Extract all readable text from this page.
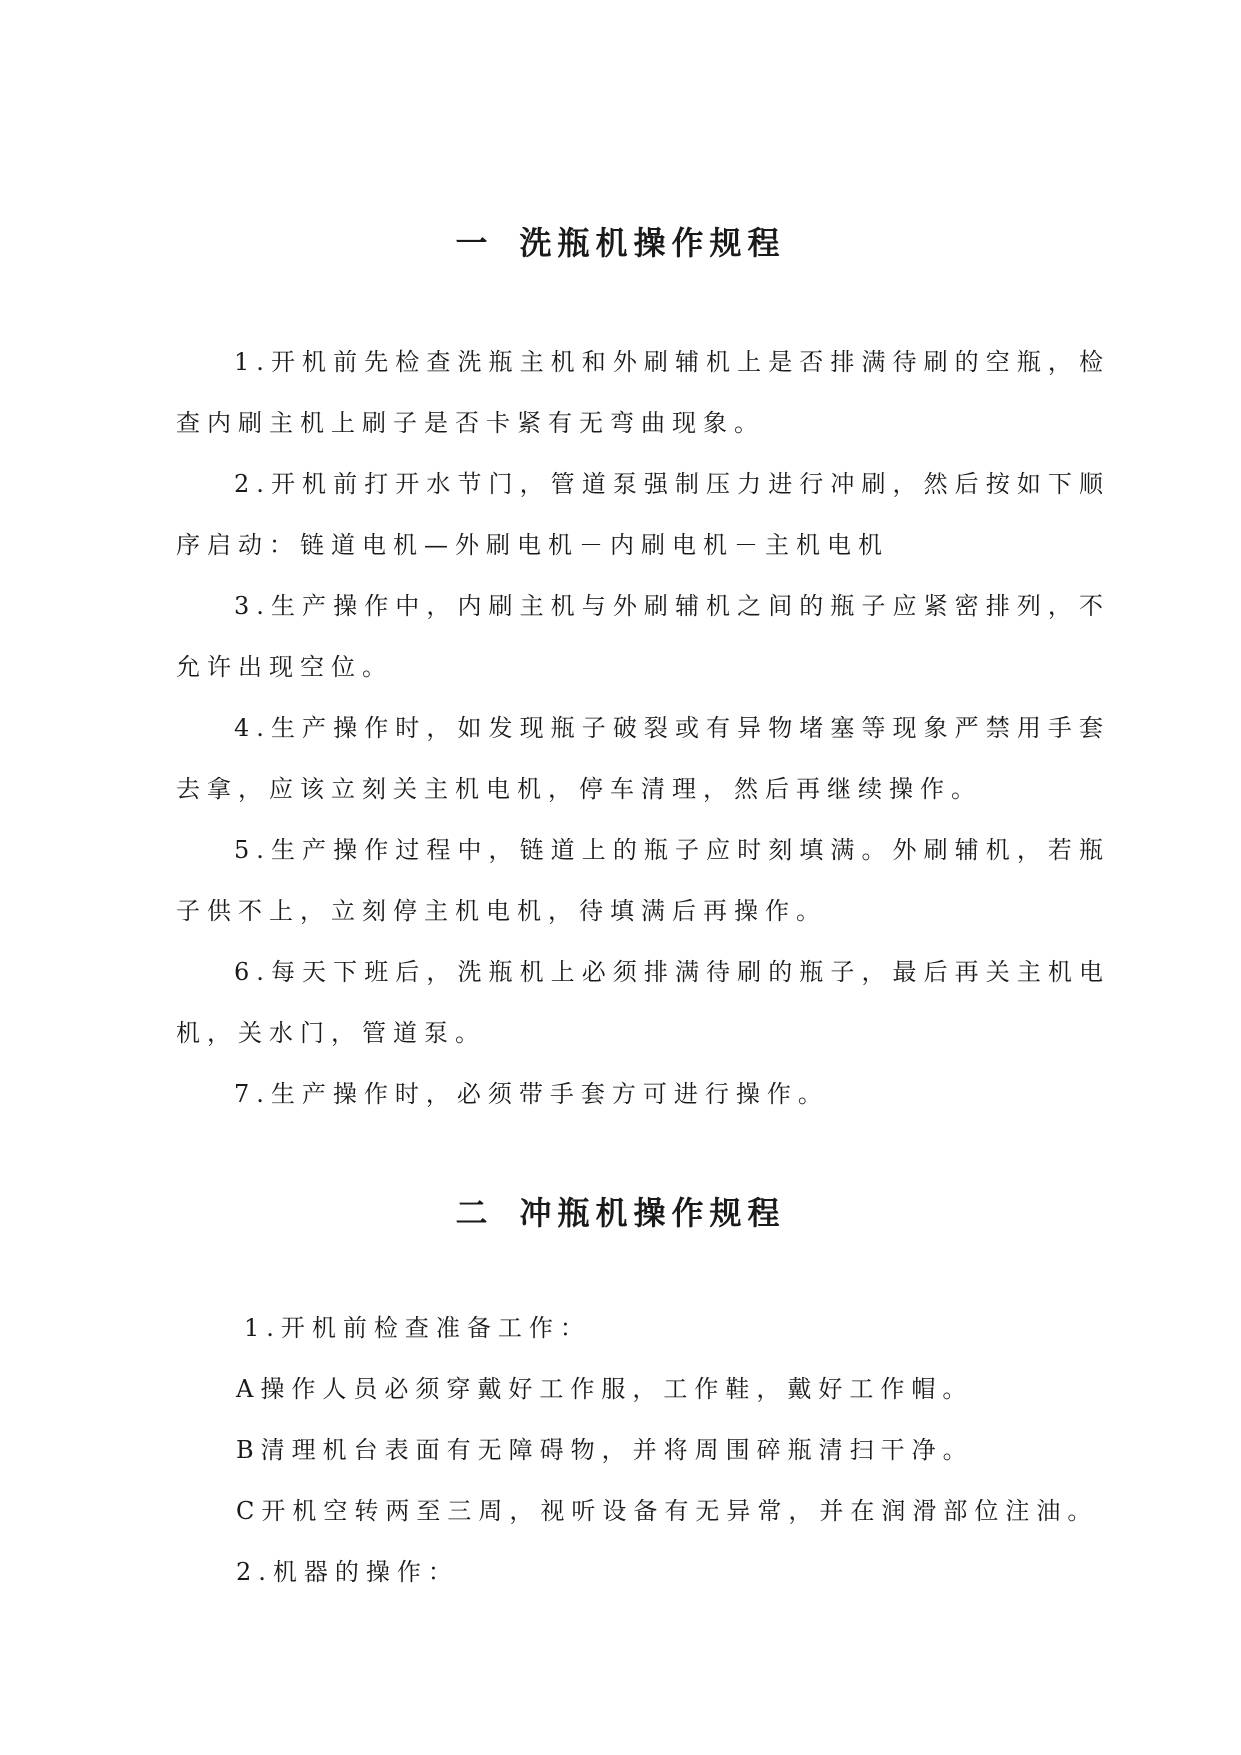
一 洗瓶机操作规程

1.开机前先检查洗瓶主机和外刷辅机上是否排满待刷的空瓶，检查内刷主机上刷子是否卡紧有无弯曲现象。

2.开机前打开水节门，管道泵强制压力进行冲刷，然后按如下顺序启动：链道电机—外刷电机－内刷电机－主机电机

3.生产操作中，内刷主机与外刷辅机之间的瓶子应紧密排列，不允许出现空位。

4.生产操作时，如发现瓶子破裂或有异物堵塞等现象严禁用手套去拿，应该立刻关主机电机，停车清理，然后再继续操作。

5.生产操作过程中，链道上的瓶子应时刻填满。外刷辅机，若瓶子供不上，立刻停主机电机，待填满后再操作。

6.每天下班后，洗瓶机上必须排满待刷的瓶子，最后再关主机电机，关水门，管道泵。

7.生产操作时，必须带手套方可进行操作。

二 冲瓶机操作规程

1.开机前检查准备工作：

A操作人员必须穿戴好工作服，工作鞋，戴好工作帽。

B清理机台表面有无障碍物，并将周围碎瓶清扫干净。

C开机空转两至三周，视听设备有无异常，并在润滑部位注油。

2.机器的操作：
